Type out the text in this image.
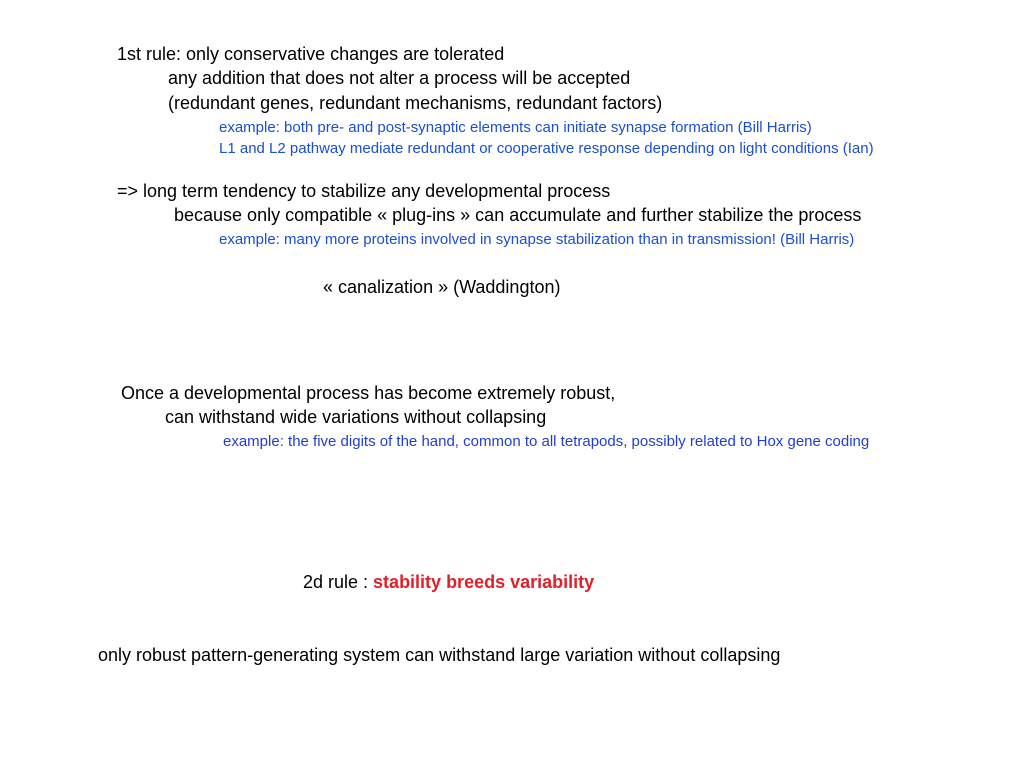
1st rule: only conservative changes are tolerated
any addition that does not alter a process will be accepted
(redundant genes, redundant mechanisms, redundant factors)
example: both pre- and post-synaptic elements can initiate synapse formation (Bill Harris)
L1 and L2 pathway mediate redundant or cooperative response depending on light conditions (Ian)
=> long term tendency to stabilize any developmental process
because only compatible « plug-ins » can accumulate and further stabilize the process
example: many more proteins involved in synapse stabilization than in transmission! (Bill Harris)
« canalization » (Waddington)
Once a developmental process has become extremely robust,
can withstand wide variations without collapsing
example: the five digits of the hand, common to all tetrapods, possibly related to Hox gene coding
2d rule : stability breeds variability
only robust pattern-generating system can withstand large variation without collapsing
